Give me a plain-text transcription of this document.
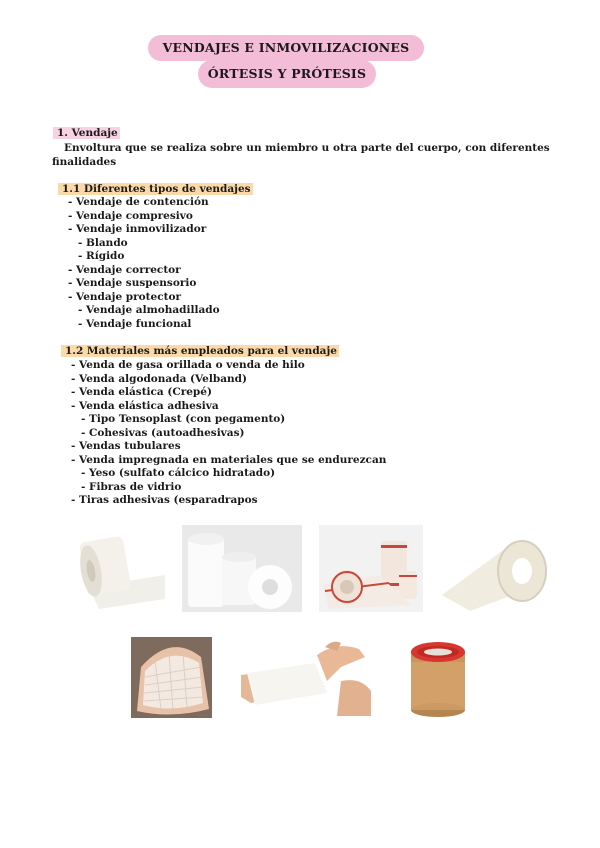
VENDAJES E INMOVILIZACIONES
ÓRTESIS Y PRÓTESIS
1. Vendaje
Envoltura que se realiza sobre un miembro u otra parte del cuerpo, con diferentes
finalidades
1.1 Diferentes tipos de vendajes
- Vendaje de contención
- Vendaje compresivo
- Vendaje inmovilizador
- Blando
- Rígido
- Vendaje corrector
- Vendaje suspensorio
- Vendaje protector
- Vendaje almohadillado
- Vendaje funcional
1.2 Materiales más empleados para el vendaje
- Venda de gasa orillada o venda de hilo
- Venda algodonada (Velband)
- Venda elástica (Crepé)
- Venda elástica adhesiva
- Tipo Tensoplast (con pegamento)
- Cohesivas (autoadhesivas)
- Vendas tubulares
- Venda impregnada en materiales que se endurezcan
- Yeso (sulfato cálcico hidratado)
- Fibras de vidrio
- Tiras adhesivas (esparadrapos
